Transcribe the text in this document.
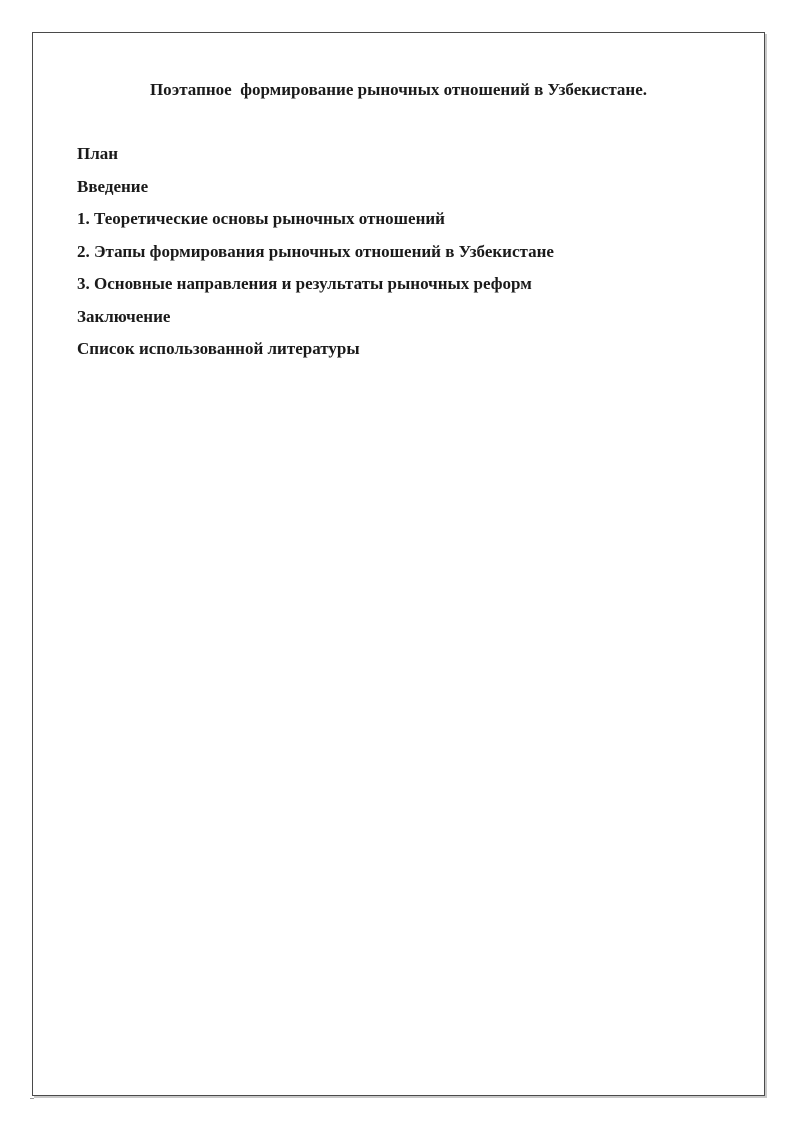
Поэтапное  формирование рыночных отношений в Узбекистане.
План
Введение
1. Теоретические основы рыночных отношений
2. Этапы формирования рыночных отношений в Узбекистане
3. Основные направления и результаты рыночных реформ
Заключение
Список использованной литературы
